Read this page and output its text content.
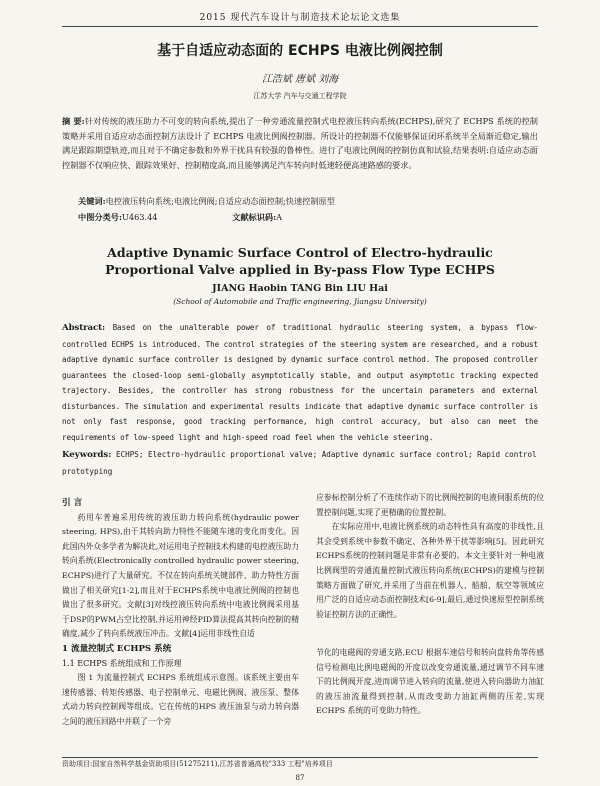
2015 现代汽车设计与制造技术论坛论文选集
基于自适应动态面的 ECHPS 电液比例阀控制
江浩斌 唐斌 刘海
江苏大学 汽车与交通工程学院
摘 要:针对传统的液压助力不可变的转向系统,提出了一种旁通流量控制式电控液压转向系统(ECHPS),研究了 ECHPS 系统的控制策略并采用自适应动态面控制方法设计了 ECHPS 电液比例阀控制器。所设计的控制器不仅能够保证闭环系统半全局渐近稳定,输出满足跟踪期望轨迹,而且对于不确定参数和外界干扰具有较强的鲁棒性。进行了电液比例阀的控制仿真和试验,结果表明:自适应动态面控制器不仅响应快、跟踪效果好、控制精度高,而且能够满足汽车转向时低速轻便高速路感的要求。
关键词:电控液压转向系统;电液比例阀;自适应动态面控制;快速控制原型
中图分类号:U463.44	文献标识码:A
Adaptive Dynamic Surface Control of Electro-hydraulic Proportional Valve applied in By-pass Flow Type ECHPS
JIANG Haobin TANG Bin LIU Hai
(School of Automobile and Traffic engineering, Jiangsu University)
Abstract: Based on the unalterable power of traditional hydraulic steering system, a bypass flow-controlled ECHPS is introduced. The control strategies of the steering system are researched, and a robust adaptive dynamic surface controller is designed by dynamic surface control method. The proposed controller guarantees the closed-loop semi-globally asymptotically stable, and output asymptotic tracking expected trajectory. Besides, the controller has strong robustness for the uncertain parameters and external disturbances. The simulation and experimental results indicate that adaptive dynamic surface controller is not only fast response, good tracking performance, high control accuracy, but also can meet the requirements of low-speed light and high-speed road feel when the vehicle steering.
Keywords: ECHPS; Electro-hydraulic proportional valve; Adaptive dynamic surface control; Rapid control prototyping

引 言

药用车普遍采用传统的液压助力转向系统(hydraulic power steering, HPS),由于其转向助力特性不能随车速的变化而变化。因此国内外众多学者为解决此,对运用电子控制技术构建的电控液压助力转向系统(Electronically controlled hydraulic power steering, ECHPS)进行了大量研究。不仅在转向系统关键部件、助力特性方面做出了相关研究[1-2],而且对于ECHPS系统中电液比例阀的控制也做出了很多研究。文献[3]对线控液压转向系统中电液比例阀采用基于DSP的PWM占空比控制,并运用神经PID算法提高其转向控制的精确度,减少了转向系统液压冲击。文献[4]运用非线性自适

1 流量控制式 ECHPS 系统

1.1 ECHPS 系统组成和工作原理

图 1 为流量控制式 ECHPS 系统组成示意图。该系统主要由车速传感器、转矩传感器、电子控制单元、电磁比例阀、液压泵、整体式动力转向控制阀等组成。它在传统的HPS 液压油泵与动力转向器之间的液压回路中并联了一个旁

应参标控制分析了不连续作动下的比例阀控制的电液伺服系统的位置控制问题,实现了更精确的位置控制。

在实际应用中,电液比例系统的动态特性具有高度的非线性,且其会受到系统中参数不确定、各种外界干扰等影响[5]。因此研究ECHPS系统的控制问题是非常有必要的。本文主要针对一种电液比例阀型的旁通流量控制式液压转向系统(ECHPS)的建模与控制策略方面做了研究,并采用了当前在机器人、船舶、航空等领域应用广泛的自适应动态面控制技术[6-9],最后,通过快速原型控制系统验证控制方法的正确性。

节化的电磁阀的旁通支路,ECU 根据车速信号和转向盘转角等传感信号检测电比例电磁阀的开度以改变旁通流量,通过调节不同车速下的比例阀开度,进而调节进入转向的流量,使进入转向器助力油缸的液压油流量得到控制,从而改变助力油缸两侧的压差,实现 ECHPS 系统的可变助力特性。

资助项目:国家自然科学基金资助项目(51275211),江苏省普通高校"333 工程"培养项目
87
